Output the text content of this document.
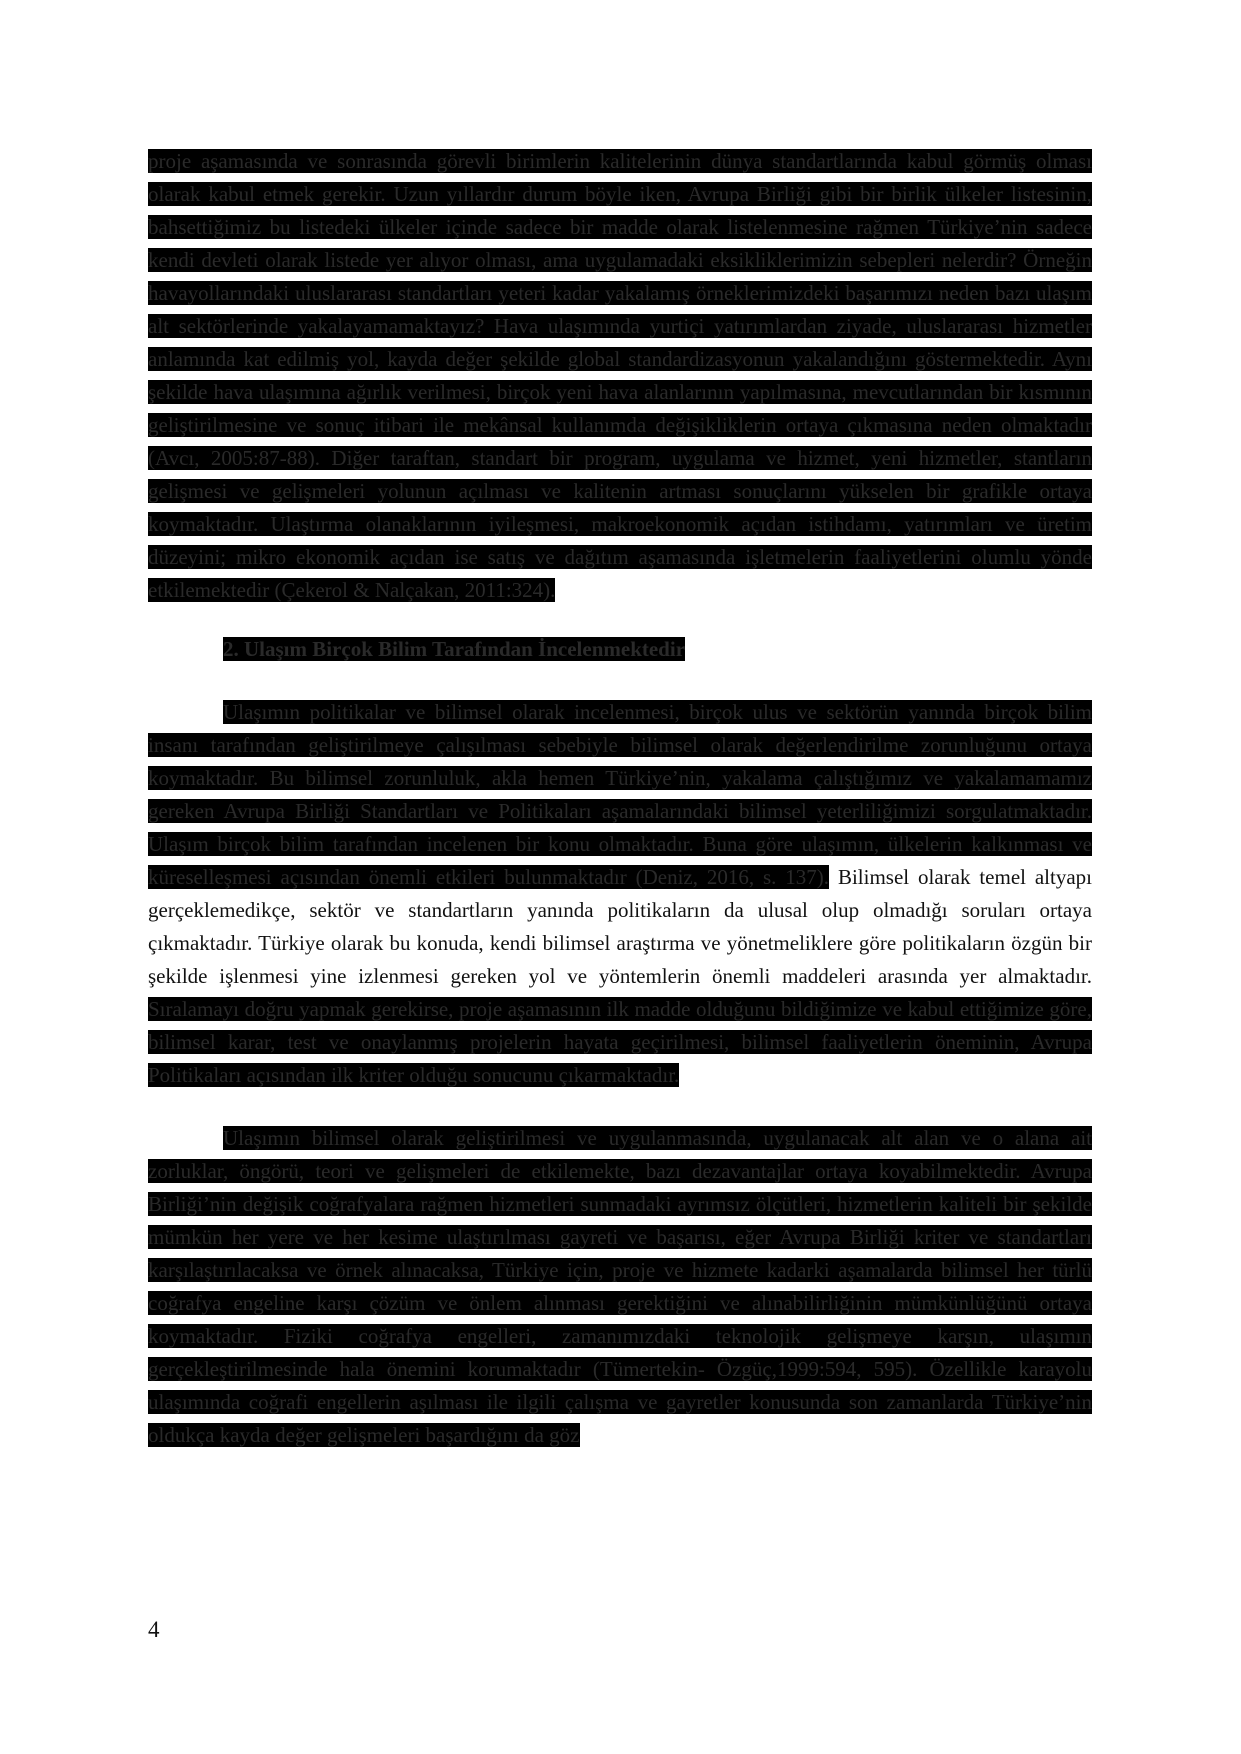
proje aşamasında ve sonrasında görevli birimlerin kalitelerinin dünya standartlarında kabul görmüş olması olarak kabul etmek gerekir. Uzun yıllardır durum böyle iken, Avrupa Birliği gibi bir birlik ülkeler listesinin, bahsettiğimiz bu listedeki ülkeler içinde sadece bir madde olarak listelenmesine rağmen Türkiye’nin sadece kendi devleti olarak listede yer alıyor olması, ama uygulamadaki eksikliklerimizin sebepleri nelerdir? Örneğin havayollarındaki uluslararası standartları yeteri kadar yakalamış örneklerimizdeki başarımızı neden bazı ulaşım alt sektörlerinde yakalayamamaktayız? Hava ulaşımında yurtiçi yatırımlardan ziyade, uluslararası hizmetler anlamında kat edilmiş yol, kayda değer şekilde global standardizasyonun yakalandığını göstermektedir. Aynı şekilde hava ulaşımına ağırlık verilmesi, birçok yeni hava alanlarının yapılmasına, mevcutlarından bir kısmının geliştirilmesine ve sonuç itibari ile mekânsal kullanımda değişikliklerin ortaya çıkmasına neden olmaktadır (Avcı, 2005:87-88). Diğer taraftan, standart bir program, uygulama ve hizmet, yeni hizmetler, stantların gelişmesi ve gelişmeleri yolunun açılması ve kalitenin artması sonuçlarını yükselen bir grafikle ortaya koymaktadır. Ulaştırma olanaklarının iyileşmesi, makroekonomik açıdan istihdamı, yatırımları ve üretim düzeyini; mikro ekonomik açıdan ise satış ve dağıtım aşamasında işletmelerin faaliyetlerini olumlu yönde etkilemektedir (Çekerol & Nalçakan, 2011:324).

2. Ulaşım Birçok Bilim Tarafından İncelenmektedir

Ulaşımın politikalar ve bilimsel olarak incelenmesi, birçok ulus ve sektörün yanında birçok bilim insanı tarafından geliştirilmeye çalışılması sebebiyle bilimsel olarak değerlendirilme zorunluğunu ortaya koymaktadır. Bu bilimsel zorunluluk, akla hemen Türkiye’nin, yakalama çalıştığımız ve yakalamamamız gereken Avrupa Birliği Standartları ve Politikaları aşamalarındaki bilimsel yeterliliğimizi sorgulatmaktadır. Ulaşım birçok bilim tarafından incelenen bir konu olmaktadır. Buna göre ulaşımın, ülkelerin kalkınması ve küreselleşmesi açısından önemli etkileri bulunmaktadır (Deniz, 2016, s. 137). Bilimsel olarak temel altyapı gerçeklemedikçe, sektör ve standartların yanında politikaların da ulusal olup olmadığı soruları ortaya çıkmaktadır. Türkiye olarak bu konuda, kendi bilimsel araştırma ve yönetmeliklere göre politikaların özgün bir şekilde işlenmesi yine izlenmesi gereken yol ve yöntemlerin önemli maddeleri arasında yer almaktadır. Sıralamayı doğru yapmak gerekirse, proje aşamasının ilk madde olduğunu bildiğimize ve kabul ettiğimize göre, bilimsel karar, test ve onaylanmış projelerin hayata geçirilmesi, bilimsel faaliyetlerin öneminin, Avrupa Politikaları açısından ilk kriter olduğu sonucunu çıkarmaktadır.

Ulaşımın bilimsel olarak geliştirilmesi ve uygulanmasında, uygulanacak alt alan ve o alana ait zorluklar, öngörü, teori ve gelişmeleri de etkilemekte, bazı dezavantajlar ortaya koyabilmektedir. Avrupa Birliği’nin değişik coğrafyalara rağmen hizmetleri sunmadaki ayrımsız ölçütleri, hizmetlerin kaliteli bir şekilde mümkün her yere ve her kesime ulaştırılması gayreti ve başarısı, eğer Avrupa Birliği kriter ve standartları karşılaştırılacaksa ve örnek alınacaksa, Türkiye için, proje ve hizmete kadarki aşamalarda bilimsel her türlü coğrafya engeline karşı çözüm ve önlem alınması gerektiğini ve alınabilirliğinin mümkünlüğünü ortaya koymaktadır. Fiziki coğrafya engelleri, zamanımızdaki teknolojik gelişmeye karşın, ulaşımın gerçekleştirilmesinde hala önemini korumaktadır (Tümertekin- Özgüç,1999:594, 595). Özellikle karayolu ulaşımında coğrafi engellerin aşılması ile ilgili çalışma ve gayretler konusunda son zamanlarda Türkiye’nin oldukça kayda değer gelişmeleri başardığını da göz

4
